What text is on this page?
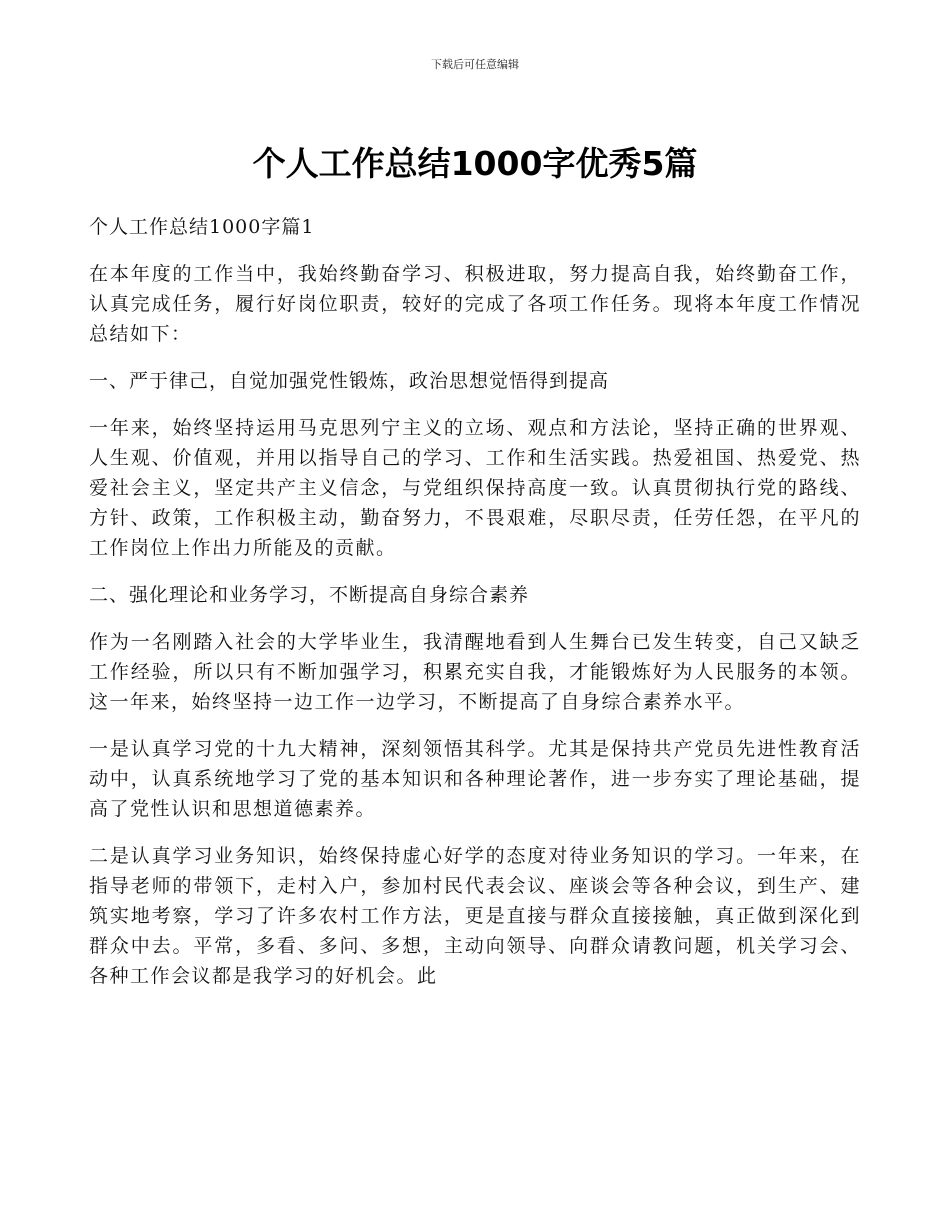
下载后可任意编辑
个人工作总结1000字优秀5篇

个人工作总结1000字篇1

在本年度的工作当中，我始终勤奋学习、积极进取，努力提高自我，始终勤奋工作，认真完成任务，履行好岗位职责，较好的完成了各项工作任务。现将本年度工作情况总结如下：

一、严于律己，自觉加强党性锻炼，政治思想觉悟得到提高

一年来，始终坚持运用马克思列宁主义的立场、观点和方法论，坚持正确的世界观、人生观、价值观，并用以指导自己的学习、工作和生活实践。热爱祖国、热爱党、热爱社会主义，坚定共产主义信念，与党组织保持高度一致。认真贯彻执行党的路线、方针、政策，工作积极主动，勤奋努力，不畏艰难，尽职尽责，任劳任怨，在平凡的工作岗位上作出力所能及的贡献。

二、强化理论和业务学习，不断提高自身综合素养

作为一名刚踏入社会的大学毕业生，我清醒地看到人生舞台已发生转变，自己又缺乏工作经验，所以只有不断加强学习，积累充实自我，才能锻炼好为人民服务的本领。这一年来，始终坚持一边工作一边学习，不断提高了自身综合素养水平。

一是认真学习党的十九大精神，深刻领悟其科学。尤其是保持共产党员先进性教育活动中，认真系统地学习了党的基本知识和各种理论著作，进一步夯实了理论基础，提高了党性认识和思想道德素养。

二是认真学习业务知识，始终保持虚心好学的态度对待业务知识的学习。一年来，在指导老师的带领下，走村入户，参加村民代表会议、座谈会等各种会议，到生产、建筑实地考察，学习了许多农村工作方法，更是直接与群众直接接触，真正做到深化到群众中去。平常，多看、多问、多想，主动向领导、向群众请教问题，机关学习会、各种工作会议都是我学习的好机会。此
